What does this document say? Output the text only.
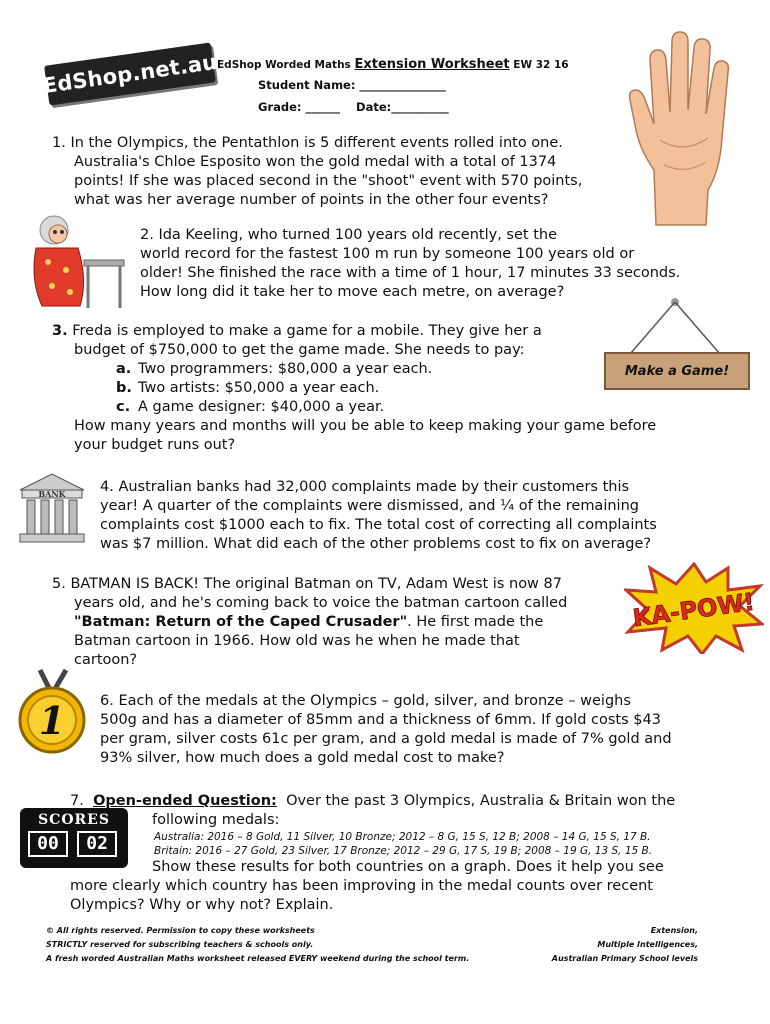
EdShop.net.au
EdShop Worded Maths Extension Worksheet EW 32 16
Student Name: _______________
Grade: ______ Date:__________
1. In the Olympics, the Pentathlon is 5 different events rolled into one.
Australia's Chloe Esposito won the gold medal with a total of 1374
points! If she was placed second in the "shoot" event with 570 points,
what was her average number of points in the other four events?
2. Ida Keeling, who turned 100 years old recently, set the
world record for the fastest 100 m run by someone 100 years old or
older! She finished the race with a time of 1 hour, 17 minutes 33 seconds.
How long did it take her to move each metre, on average?
3. Freda is employed to make a game for a mobile. They give her a
budget of $750,000 to get the game made. She needs to pay:
a. Two programmers: $80,000 a year each.
b. Two artists: $50,000 a year each.
c. A game designer: $40,000 a year.
How many years and months will you be able to keep making your game before
your budget runs out?
Make a Game!
BANK 4. Australian banks had 32,000 complaints made by their customers this
year! A quarter of the complaints were dismissed, and ¼ of the remaining
complaints cost $1000 each to fix. The total cost of correcting all complaints
was $7 million. What did each of the other problems cost to fix on average?
5. BATMAN IS BACK! The original Batman on TV, Adam West is now 87
years old, and he's coming back to voice the batman cartoon called
"Batman: Return of the Caped Crusader". He first made the
Batman cartoon in 1966. How old was he when he made that
cartoon?
KA-POW!
1 6. Each of the medals at the Olympics – gold, silver, and bronze – weighs
500g and has a diameter of 85mm and a thickness of 6mm. If gold costs $43
per gram, silver costs 61c per gram, and a gold medal is made of 7% gold and
93% silver, how much does a gold medal cost to make?
SCORES
00 02
7. Open-ended Question: Over the past 3 Olympics, Australia & Britain won the
following medals:
Australia: 2016 – 8 Gold, 11 Silver, 10 Bronze; 2012 – 8 G, 15 S, 12 B; 2008 – 14 G, 15 S, 17 B.
Britain: 2016 – 27 Gold, 23 Silver, 17 Bronze; 2012 – 29 G, 17 S, 19 B; 2008 – 19 G, 13 S, 15 B.
Show these results for both countries on a graph. Does it help you see
more clearly which country has been improving in the medal counts over recent
Olympics? Why or why not? Explain.
© All rights reserved. Permission to copy these worksheets
STRICTLY reserved for subscribing teachers & schools only.
A fresh worded Australian Maths worksheet released EVERY weekend during the school term.
Extension,
Multiple Intelligences,
Australian Primary School levels
